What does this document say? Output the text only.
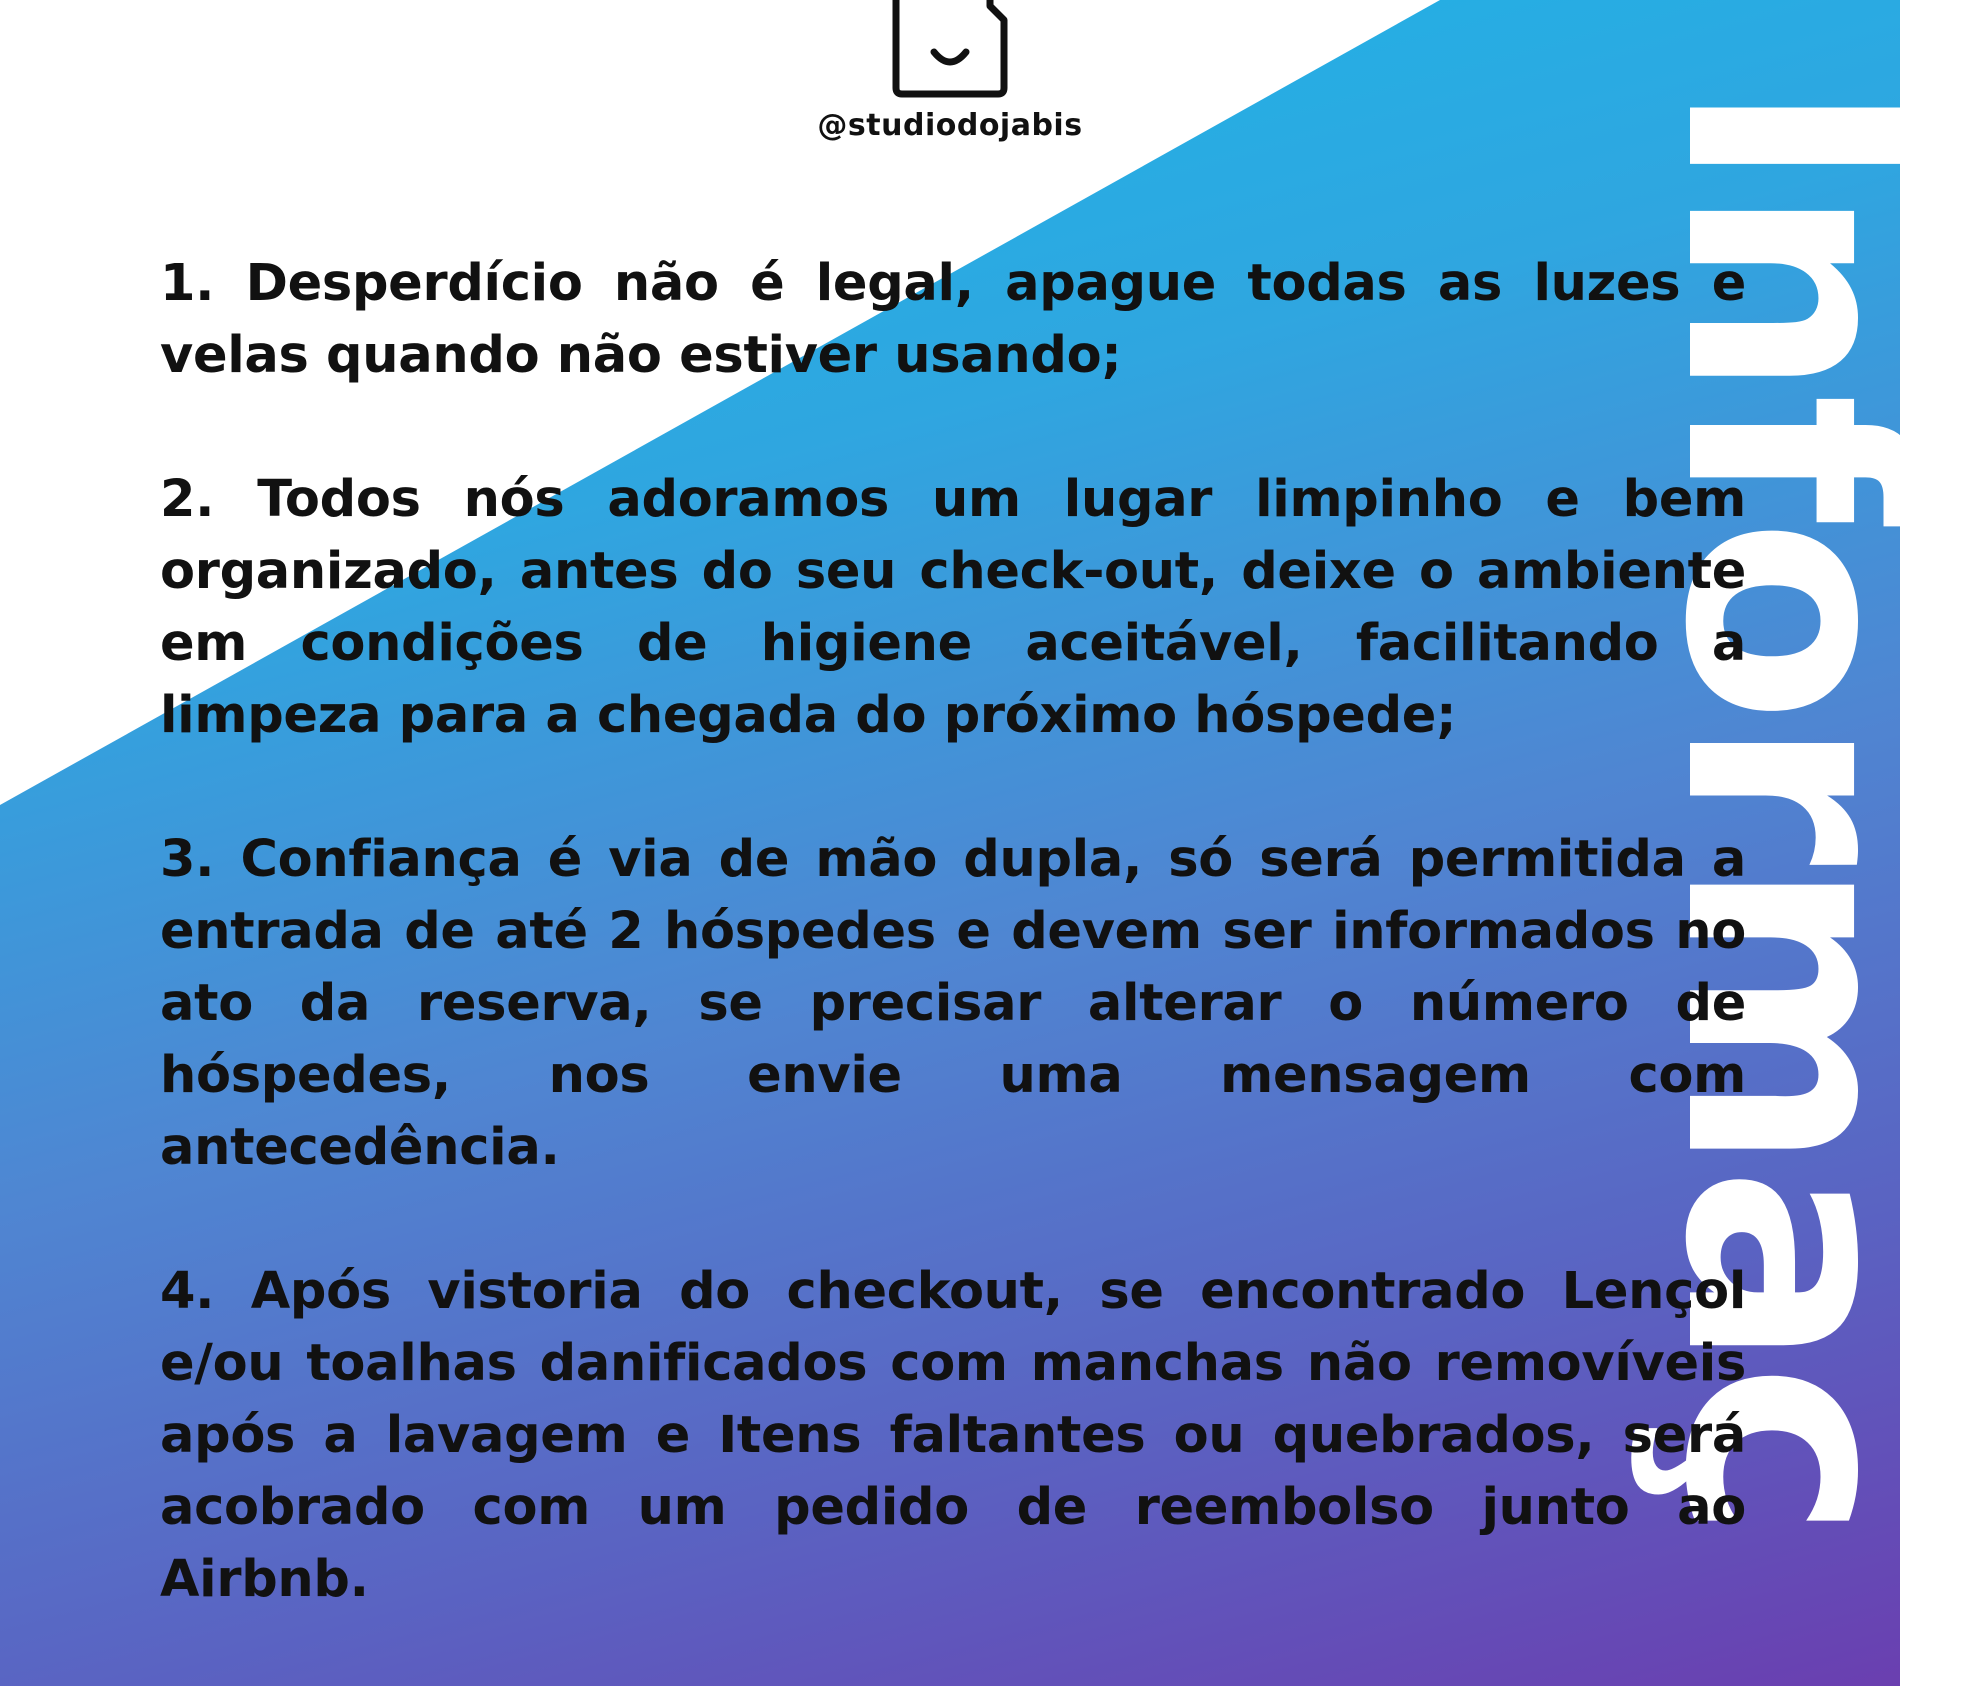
Informaç
@studiodojabis

1. Desperdício não é legal, apague todas as luzes e velas quando não estiver usando;

2. Todos nós adoramos um lugar limpinho e bem organizado, antes do seu check-out, deixe o ambiente em condições de higiene aceitável, facilitando a limpeza para a chegada do próximo hóspede;

3. Confiança é via de mão dupla, só será permitida a entrada de até 2 hóspedes e devem ser informados no ato da reserva, se precisar alterar o número de hóspedes, nos envie uma mensagem com antecedência.

4. Após vistoria do checkout, se encontrado Lençol e/ou toalhas danificados com manchas não removíveis após a lavagem e Itens faltantes ou quebrados, será acobrado com um pedido de reembolso junto ao Airbnb.
